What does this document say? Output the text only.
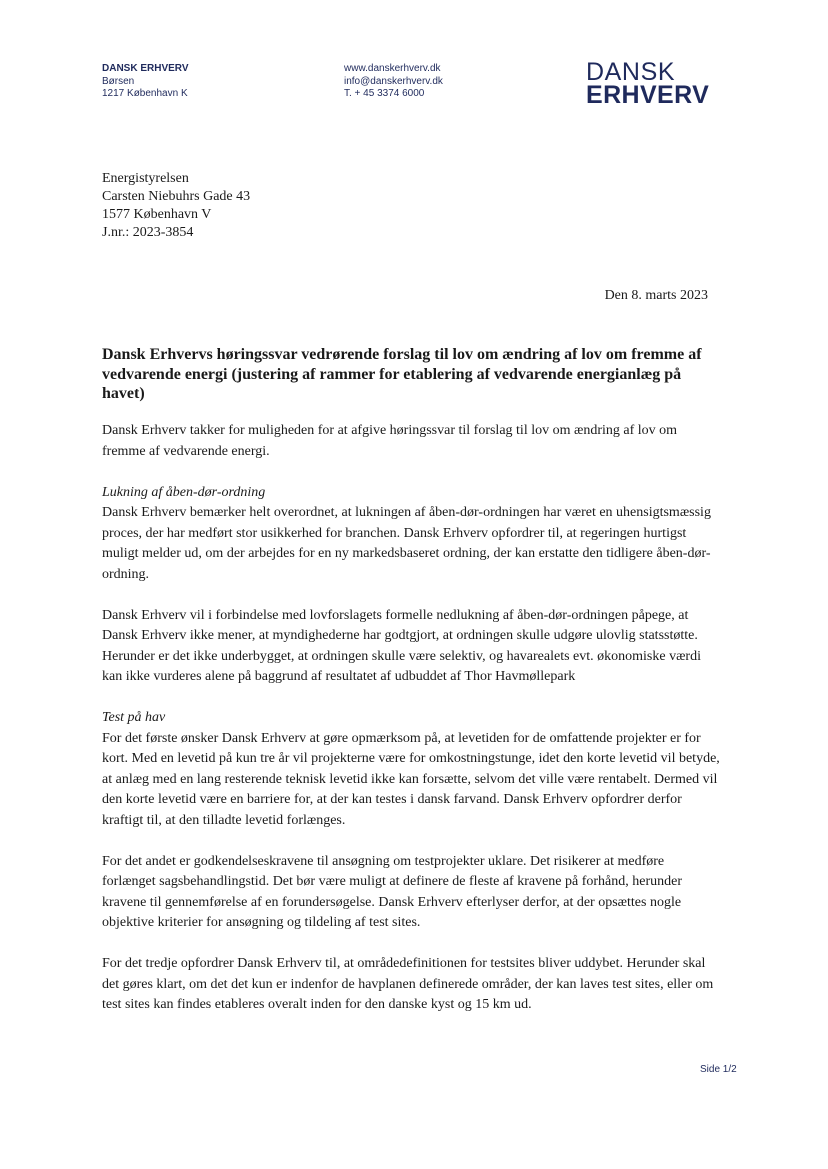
DANSK ERHVERV
Børsen
1217 København K
www.danskerhverv.dk
info@danskerhverv.dk
T. + 45 3374 6000
DANSK
ERHVERV
Energistyrelsen
Carsten Niebuhrs Gade 43
1577 København V
J.nr.: 2023-3854
Den 8. marts 2023
Dansk Erhvervs høringssvar vedrørende forslag til lov om ændring af lov om fremme af vedvarende energi (justering af rammer for etablering af vedvarende energianlæg på havet)

Dansk Erhverv takker for muligheden for at afgive høringssvar til forslag til lov om ændring af lov om fremme af vedvarende energi.

Lukning af åben-dør-ordning
Dansk Erhverv bemærker helt overordnet, at lukningen af åben-dør-ordningen har været en uhensigtsmæssig proces, der har medført stor usikkerhed for branchen. Dansk Erhverv opfordrer til, at regeringen hurtigst muligt melder ud, om der arbejdes for en ny markedsbaseret ordning, der kan erstatte den tidligere åben-dør-ordning.

Dansk Erhverv vil i forbindelse med lovforslagets formelle nedlukning af åben-dør-ordningen påpege, at Dansk Erhverv ikke mener, at myndighederne har godtgjort, at ordningen skulle udgøre ulovlig statsstøtte. Herunder er det ikke underbygget, at ordningen skulle være selektiv, og havarealets evt. økonomiske værdi kan ikke vurderes alene på baggrund af resultatet af udbuddet af Thor Havmøllepark

Test på hav
For det første ønsker Dansk Erhverv at gøre opmærksom på, at levetiden for de omfattende projekter er for kort. Med en levetid på kun tre år vil projekterne være for omkostningstunge, idet den korte levetid vil betyde, at anlæg med en lang resterende teknisk levetid ikke kan forsætte, selvom det ville være rentabelt. Dermed vil den korte levetid være en barriere for, at der kan testes i dansk farvand. Dansk Erhverv opfordrer derfor kraftigt til, at den tilladte levetid forlænges.

For det andet er godkendelseskravene til ansøgning om testprojekter uklare. Det risikerer at medføre forlænget sagsbehandlingstid. Det bør være muligt at definere de fleste af kravene på forhånd, herunder kravene til gennemførelse af en forundersøgelse. Dansk Erhverv efterlyser derfor, at der opsættes nogle objektive kriterier for ansøgning og tildeling af test sites.

For det tredje opfordrer Dansk Erhverv til, at områdedefinitionen for testsites bliver uddybet. Herunder skal det gøres klart, om det det kun er indenfor de havplanen definerede områder, der kan laves test sites, eller om test sites kan findes etableres overalt inden for den danske kyst og 15 km ud.

Side 1/2
